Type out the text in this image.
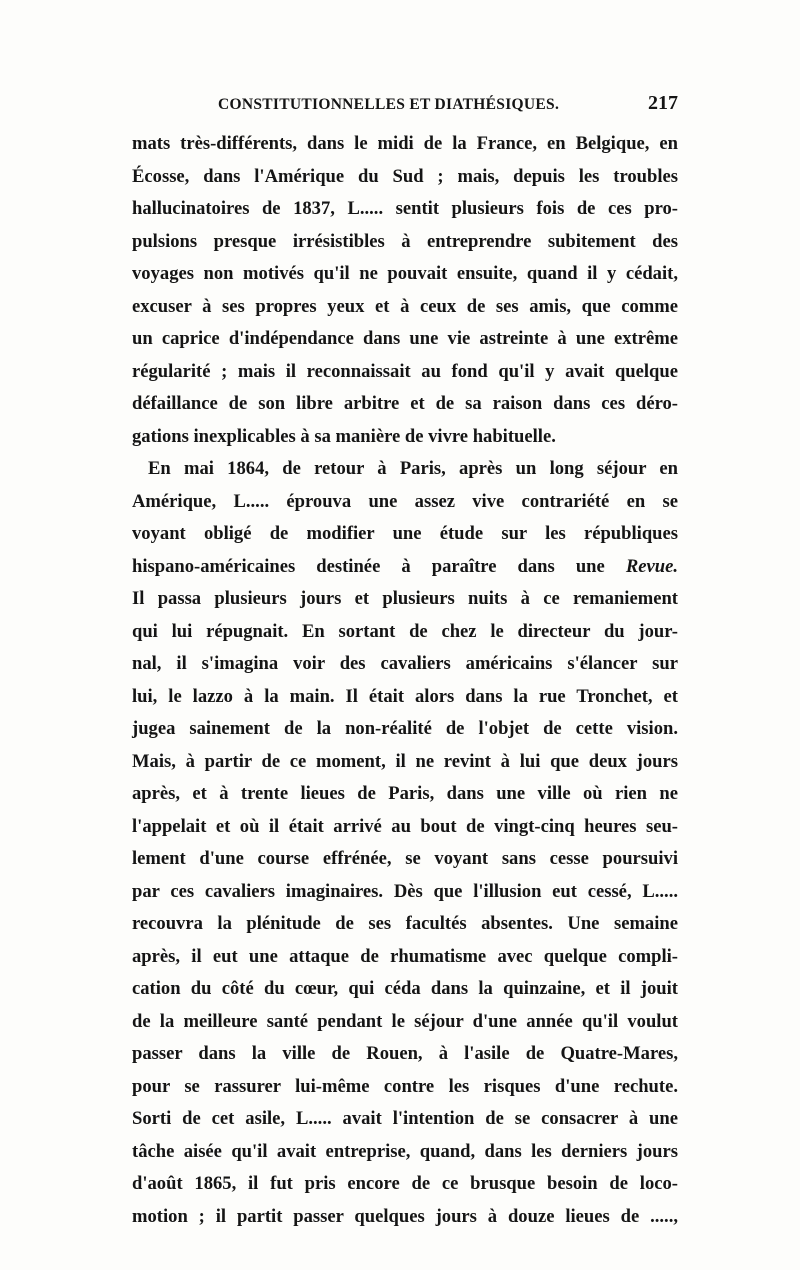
CONSTITUTIONNELLES ET DIATHÉSIQUES.	217
mats très-différents, dans le midi de la France, en Belgique, en
Écosse, dans l'Amérique du Sud ; mais, depuis les troubles
hallucinatoires de 1837, L..... sentit plusieurs fois de ces pro-
pulsions presque irrésistibles à entreprendre subitement des
voyages non motivés qu'il ne pouvait ensuite, quand il y cédait,
excuser à ses propres yeux et à ceux de ses amis, que comme
un caprice d'indépendance dans une vie astreinte à une extrême
régularité ; mais il reconnaissait au fond qu'il y avait quelque
défaillance de son libre arbitre et de sa raison dans ces déro-
gations inexplicables à sa manière de vivre habituelle.
En mai 1864, de retour à Paris, après un long séjour en
Amérique, L..... éprouva une assez vive contrariété en se
voyant obligé de modifier une étude sur les républiques
hispano-américaines destinée à paraître dans une Revue.
Il passa plusieurs jours et plusieurs nuits à ce remaniement
qui lui répugnait. En sortant de chez le directeur du jour-
nal, il s'imagina voir des cavaliers américains s'élancer sur
lui, le lazzo à la main. Il était alors dans la rue Tronchet, et
jugea sainement de la non-réalité de l'objet de cette vision.
Mais, à partir de ce moment, il ne revint à lui que deux jours
après, et à trente lieues de Paris, dans une ville où rien ne
l'appelait et où il était arrivé au bout de vingt-cinq heures seu-
lement d'une course effrénée, se voyant sans cesse poursuivi
par ces cavaliers imaginaires. Dès que l'illusion eut cessé, L.....
recouvra la plénitude de ses facultés absentes. Une semaine
après, il eut une attaque de rhumatisme avec quelque compli-
cation du côté du cœur, qui céda dans la quinzaine, et il jouit
de la meilleure santé pendant le séjour d'une année qu'il voulut
passer dans la ville de Rouen, à l'asile de Quatre-Mares,
pour se rassurer lui-même contre les risques d'une rechute.
Sorti de cet asile, L..... avait l'intention de se consacrer à une
tâche aisée qu'il avait entreprise, quand, dans les derniers jours
d'août 1865, il fut pris encore de ce brusque besoin de loco-
motion ; il partit passer quelques jours à douze lieues de .....,
